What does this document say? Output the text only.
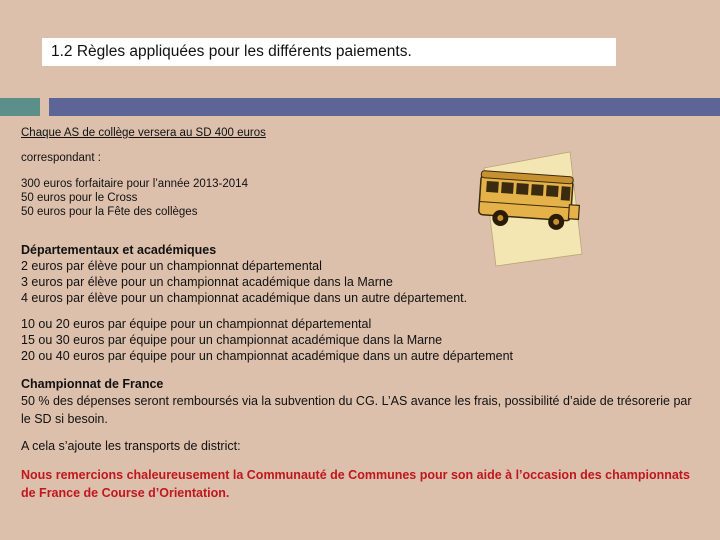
1.2 Règles appliquées pour les différents paiements.
Chaque AS de collège versera au SD 400 euros
correspondant :
300 euros forfaitaire pour l’année 2013-2014
50 euros pour le Cross
50 euros pour la Fête des collèges
Départementaux et académiques
2 euros par élève pour un championnat départemental
3 euros par élève pour un championnat académique dans la Marne
4 euros par élève pour un championnat académique dans un autre département.
10 ou 20 euros par équipe pour un championnat départemental
15 ou 30 euros par équipe pour un championnat académique dans la Marne
20 ou 40 euros par équipe pour un championnat académique dans un autre département
Championnat de France
50 % des dépenses seront remboursés via la subvention du CG. L’AS avance les frais, possibilité d’aide de trésorerie par le SD si besoin.
A cela s’ajoute les transports de district:
Nous remercions chaleureusement la Communauté de Communes pour son aide à l’occasion des championnats de France de Course d’Orientation.
